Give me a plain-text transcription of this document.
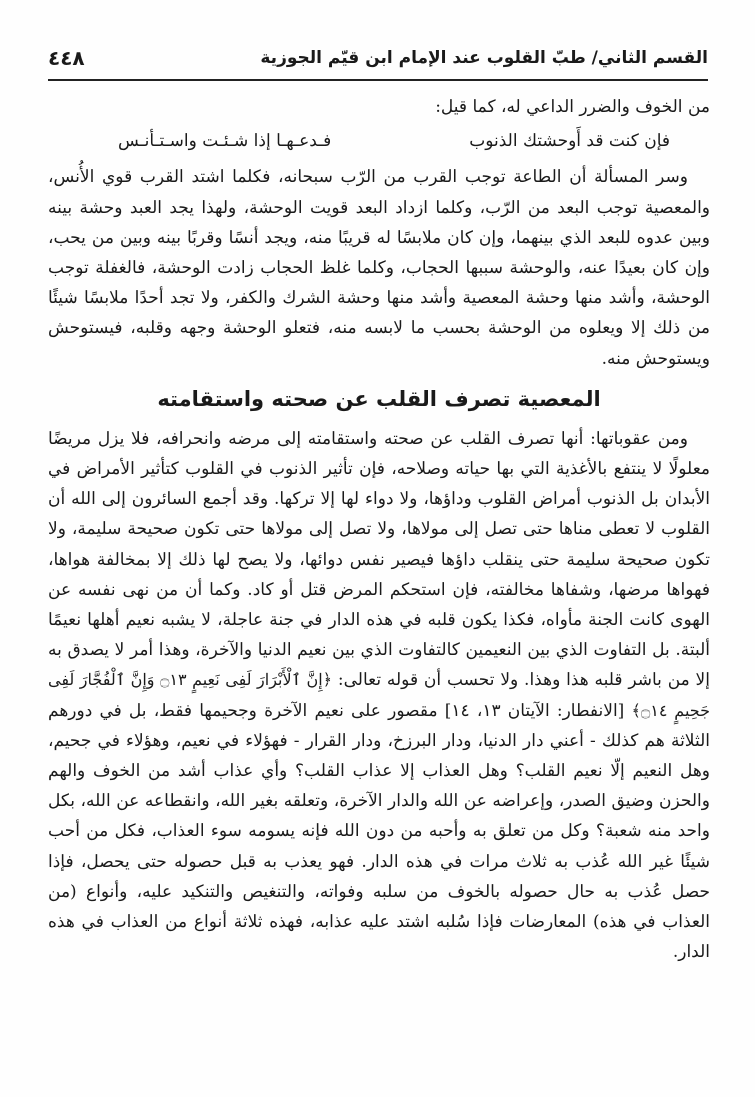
القسم الثاني/ طبّ القلوب عند الإمام ابن قيّم الجوزية
٤٤٨

من الخوف والضرر الداعي له، كما قيل:

فإن كنت قد أَوحشتك الذنوب
فـدعـهـا إذا شـئـت واسـتـأنـس

وسر المسألة أن الطاعة توجب القرب من الرّب سبحانه، فكلما اشتد القرب قوي الأُنس، والمعصية توجب البعد من الرّب، وكلما ازداد البعد قويت الوحشة، ولهذا يجد العبد وحشة بينه وبين عدوه للبعد الذي بينهما، وإن كان ملابسًا له قريبًا منه، ويجد أنسًا وقربًا بينه وبين من يحب، وإن كان بعيدًا عنه، والوحشة سببها الحجاب، وكلما غلظ الحجاب زادت الوحشة، فالغفلة توجب الوحشة، وأشد منها وحشة المعصية وأشد منها وحشة الشرك والكفر، ولا تجد أحدًا ملابسًا شيئًا من ذلك إلا ويعلوه من الوحشة بحسب ما لابسه منه، فتعلو الوحشة وجهه وقلبه، فيستوحش ويستوحش منه.

المعصية تصرف القلب عن صحته واستقامته

ومن عقوباتها: أنها تصرف القلب عن صحته واستقامته إلى مرضه وانحرافه، فلا يزل مريضًا معلولًا لا ينتفع بالأغذية التي بها حياته وصلاحه، فإن تأثير الذنوب في القلوب كتأثير الأمراض في الأبدان بل الذنوب أمراض القلوب وداؤها، ولا دواء لها إلا تركها. وقد أجمع السائرون إلى الله أن القلوب لا تعطى مناها حتى تصل إلى مولاها، ولا تصل إلى مولاها حتى تكون صحيحة سليمة، ولا تكون صحيحة سليمة حتى ينقلب داؤها فيصير نفس دوائها، ولا يصح لها ذلك إلا بمخالفة هواها، فهواها مرضها، وشفاها مخالفته، فإن استحكم المرض قتل أو كاد. وكما أن من نهى نفسه عن الهوى كانت الجنة مأواه، فكذا يكون قلبه في هذه الدار في جنة عاجلة، لا يشبه نعيم أهلها نعيمًا ألبتة. بل التفاوت الذي بين النعيمين كالتفاوت الذي بين نعيم الدنيا والآخرة، وهذا أمر لا يصدق به إلا من باشر قلبه هذا وهذا. ولا تحسب أن قوله تعالى: ﴿إِنَّ ٱلْأَبْرَارَ لَفِى نَعِيمٍ ۝١٣ وَإِنَّ ٱلْفُجَّارَ لَفِى جَحِيمٍ ۝١٤﴾ [الانفطار: الآيتان ١٣، ١٤] مقصور على نعيم الآخرة وجحيمها فقط، بل في دورهم الثلاثة هم كذلك - أعني دار الدنيا، ودار البرزخ، ودار القرار - فهؤلاء في نعيم، وهؤلاء في جحيم، وهل النعيم إلّا نعيم القلب؟ وهل العذاب إلا عذاب القلب؟ وأي عذاب أشد من الخوف والهم والحزن وضيق الصدر، وإعراضه عن الله والدار الآخرة، وتعلقه بغير الله، وانقطاعه عن الله، بكل واحد منه شعبة؟ وكل من تعلق به وأحبه من دون الله فإنه يسومه سوء العذاب، فكل من أحب شيئًا غير الله عُذب به ثلاث مرات في هذه الدار. فهو يعذب به قبل حصوله حتى يحصل، فإذا حصل عُذب به حال حصوله بالخوف من سلبه وفواته، والتنغيص والتنكيد عليه، وأنواع (من العذاب في هذه) المعارضات فإذا سُلبه اشتد عليه عذابه، فهذه ثلاثة أنواع من العذاب في هذه الدار.
